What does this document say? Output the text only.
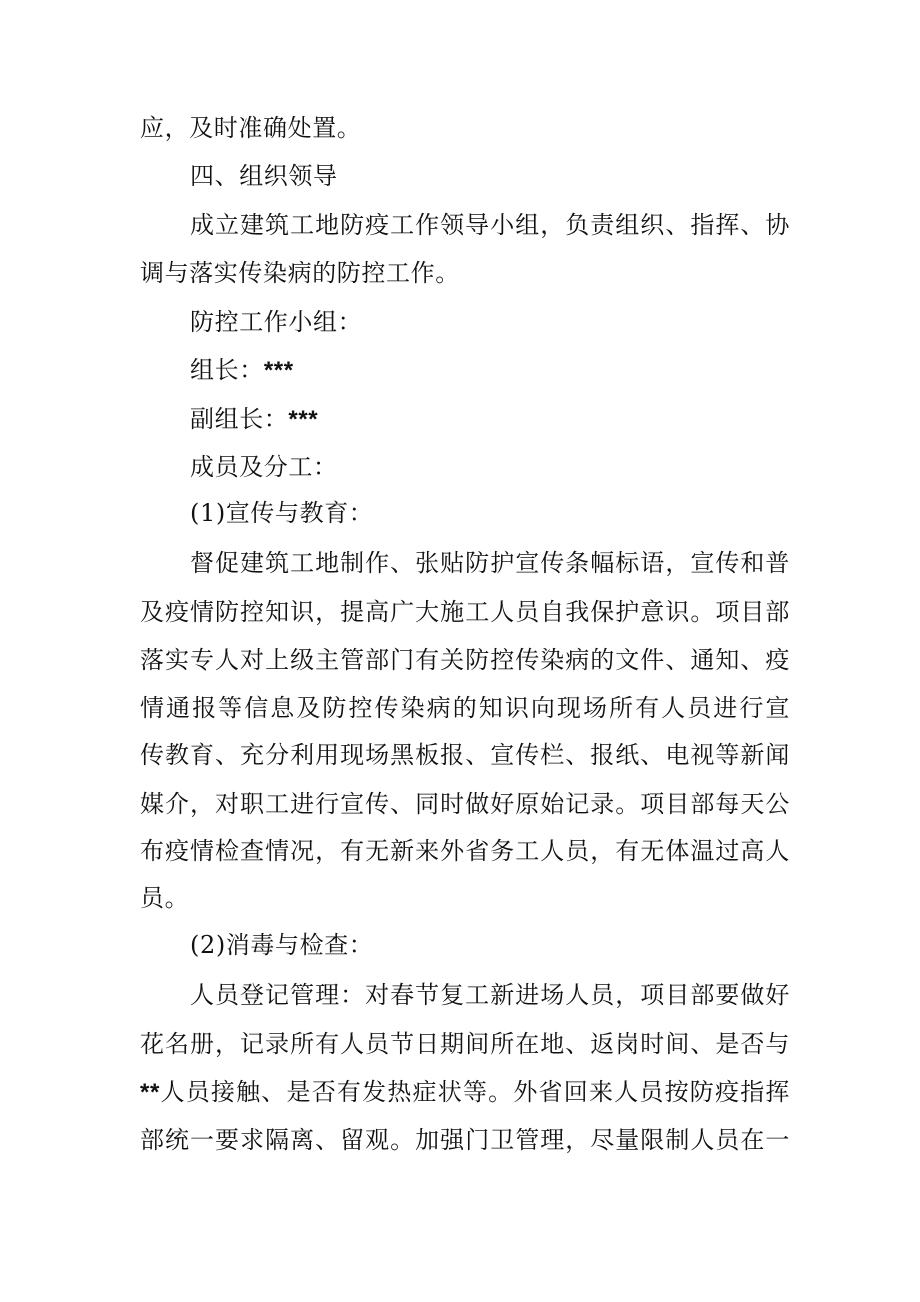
应，及时准确处置。
四、组织领导
成立建筑工地防疫工作领导小组，负责组织、指挥、协
调与落实传染病的防控工作。
防控工作小组：
组长：***
副组长：***
成员及分工：
(1)宣传与教育：
督促建筑工地制作、张贴防护宣传条幅标语，宣传和普
及疫情防控知识，提高广大施工人员自我保护意识。项目部
落实专人对上级主管部门有关防控传染病的文件、通知、疫
情通报等信息及防控传染病的知识向现场所有人员进行宣
传教育、充分利用现场黑板报、宣传栏、报纸、电视等新闻
媒介，对职工进行宣传、同时做好原始记录。项目部每天公
布疫情检查情况，有无新来外省务工人员，有无体温过高人
员。
(2)消毒与检查：
人员登记管理：对春节复工新进场人员，项目部要做好
花名册，记录所有人员节日期间所在地、返岗时间、是否与
**人员接触、是否有发热症状等。外省回来人员按防疫指挥
部统一要求隔离、留观。加强门卫管理，尽量限制人员在一
